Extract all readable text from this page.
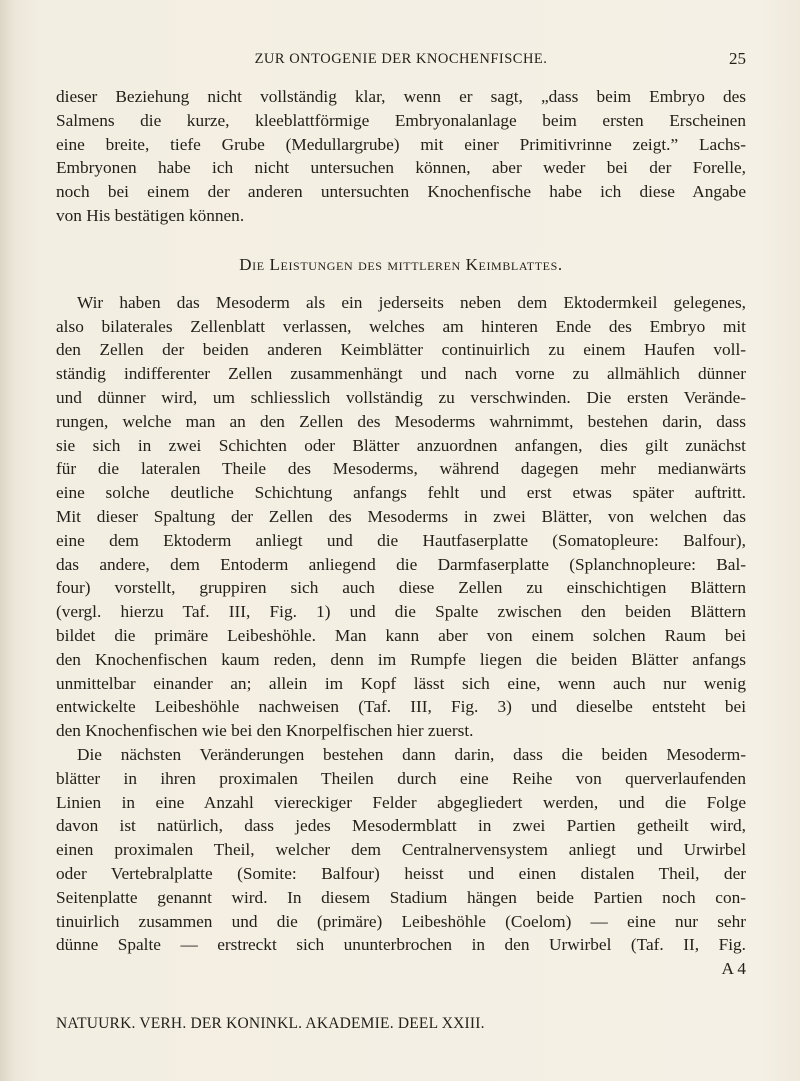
ZUR ONTOGENIE DER KNOCHENFISCHE.	25
dieser Beziehung nicht vollständig klar, wenn er sagt, „dass beim Embryo des
Salmens die kurze, kleeblattförmige Embryonalanlage beim ersten Erscheinen
eine breite, tiefe Grube (Medullargrube) mit einer Primitivrinne zeigt.” Lachs-
Embryonen habe ich nicht untersuchen können, aber weder bei der Forelle,
noch bei einem der anderen untersuchten Knochenfische habe ich diese Angabe
von His bestätigen können.
Die Leistungen des mittleren Keimblattes.
Wir haben das Mesoderm als ein jederseits neben dem Ektodermkeil gelegenes,
also bilaterales Zellenblatt verlassen, welches am hinteren Ende des Embryo mit
den Zellen der beiden anderen Keimblätter continuirlich zu einem Haufen voll-
ständig indifferenter Zellen zusammenhängt und nach vorne zu allmählich dünner
und dünner wird, um schliesslich vollständig zu verschwinden. Die ersten Verände-
rungen, welche man an den Zellen des Mesoderms wahrnimmt, bestehen darin, dass
sie sich in zwei Schichten oder Blätter anzuordnen anfangen, dies gilt zunächst
für die lateralen Theile des Mesoderms, während dagegen mehr medianwärts
eine solche deutliche Schichtung anfangs fehlt und erst etwas später auftritt.
Mit dieser Spaltung der Zellen des Mesoderms in zwei Blätter, von welchen das
eine dem Ektoderm anliegt und die Hautfaserplatte (Somatopleure: Balfour),
das andere, dem Entoderm anliegend die Darmfaserplatte (Splanchnopleure: Bal-
four) vorstellt, gruppiren sich auch diese Zellen zu einschichtigen Blättern
(vergl. hierzu Taf. III, Fig. 1) und die Spalte zwischen den beiden Blättern
bildet die primäre Leibeshöhle. Man kann aber von einem solchen Raum bei
den Knochenfischen kaum reden, denn im Rumpfe liegen die beiden Blätter anfangs
unmittelbar einander an; allein im Kopf lässt sich eine, wenn auch nur wenig
entwickelte Leibeshöhle nachweisen (Taf. III, Fig. 3) und dieselbe entsteht bei
den Knochenfischen wie bei den Knorpelfischen hier zuerst.
Die nächsten Veränderungen bestehen dann darin, dass die beiden Mesoderm-
blätter in ihren proximalen Theilen durch eine Reihe von querverlaufenden
Linien in eine Anzahl viereckiger Felder abgegliedert werden, und die Folge
davon ist natürlich, dass jedes Mesodermblatt in zwei Partien getheilt wird,
einen proximalen Theil, welcher dem Centralnervensystem anliegt und Urwirbel
oder Vertebralplatte (Somite: Balfour) heisst und einen distalen Theil, der
Seitenplatte genannt wird. In diesem Stadium hängen beide Partien noch con-
tinuirlich zusammen und die (primäre) Leibeshöhle (Coelom) — eine nur sehr
dünne Spalte — erstreckt sich ununterbrochen in den Urwirbel (Taf. II, Fig.
A 4
NATUURK. VERH. DER KONINKL. AKADEMIE. DEEL XXIII.
